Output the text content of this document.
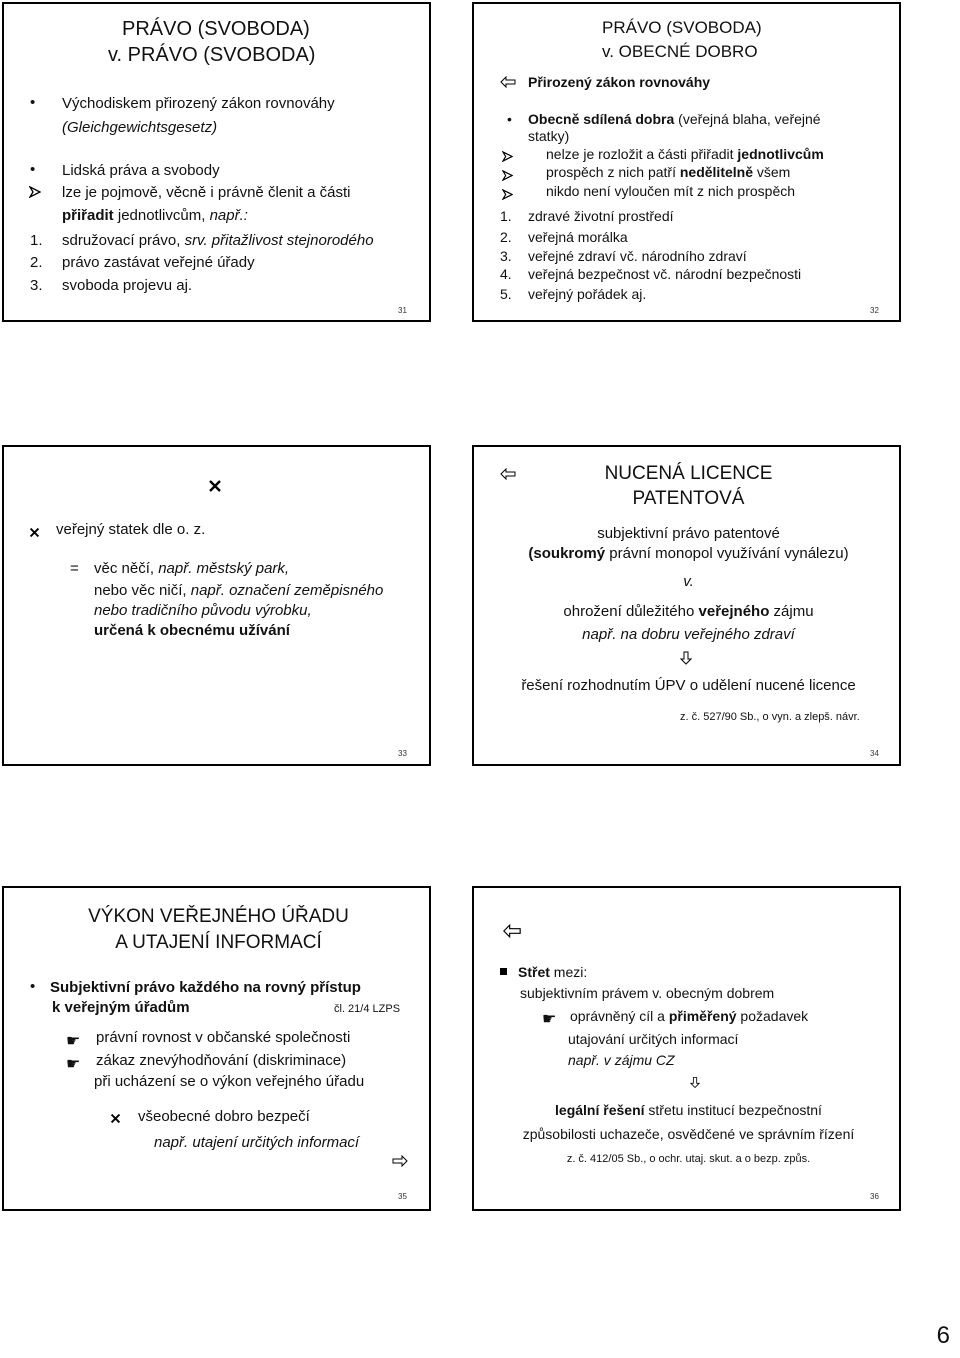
PRÁVO (SVOBODA)
v. PRÁVO (SVOBODA)
• Východiskem přirozený zákon rovnováhy
(Gleichgewichtsgesetz)
• Lidská práva a svobody
lze je pojmově, věcně i právně členit a části
přiřadit jednotlivcům, např.:
1. sdružovací právo, srv. přitažlivost stejnorodého
2. právo zastávat veřejné úřady
3. svoboda projevu aj.
31
PRÁVO (SVOBODA)
v. OBECNÉ DOBRO
Přirozený zákon rovnováhy
• Obecně sdílená dobra (veřejná blaha, veřejné
statky)
nelze je rozložit a části přiřadit jednotlivcům
prospěch z nich patří nedělitelně všem
nikdo není vyloučen mít z nich prospěch
1. zdravé životní prostředí
2. veřejná morálka
3. veřejné zdraví vč. národního zdraví
4. veřejná bezpečnost vč. národní bezpečnosti
5. veřejný pořádek aj.
32
veřejný statek dle o. z.
= věc něčí, např. městský park,
nebo věc ničí, např. označení zeměpisného
nebo tradičního původu výrobku,
určená k obecnému užívání
33
NUCENÁ LICENCE
PATENTOVÁ
subjektivní právo patentové
(soukromý právní monopol využívání vynálezu)
v.
ohrožení důležitého veřejného zájmu
např. na dobru veřejného zdraví
řešení rozhodnutím ÚPV o udělení nucené licence
z. č. 527/90 Sb., o vyn. a zlepš. návr.
34
VÝKON VEŘEJNÉHO ÚŘADU
A UTAJENÍ INFORMACÍ
• Subjektivní právo každého na rovný přístup
k veřejným úřadům	čl. 21/4 LZPS
☛ právní rovnost v občanské společnosti
☛ zákaz znevýhodňování (diskriminace)
při ucházení se o výkon veřejného úřadu
všeobecné dobro bezpečí
např. utajení určitých informací
35
Střet mezi:
subjektivním právem v. obecným dobrem
☛ oprávněný cíl a přiměřený požadavek
utajování určitých informací
např. v zájmu CZ
legální řešení střetu institucí bezpečnostní
způsobilosti uchazeče, osvědčené ve správním řízení
z. č. 412/05 Sb., o ochr. utaj. skut. a o bezp. způs.
36
6
